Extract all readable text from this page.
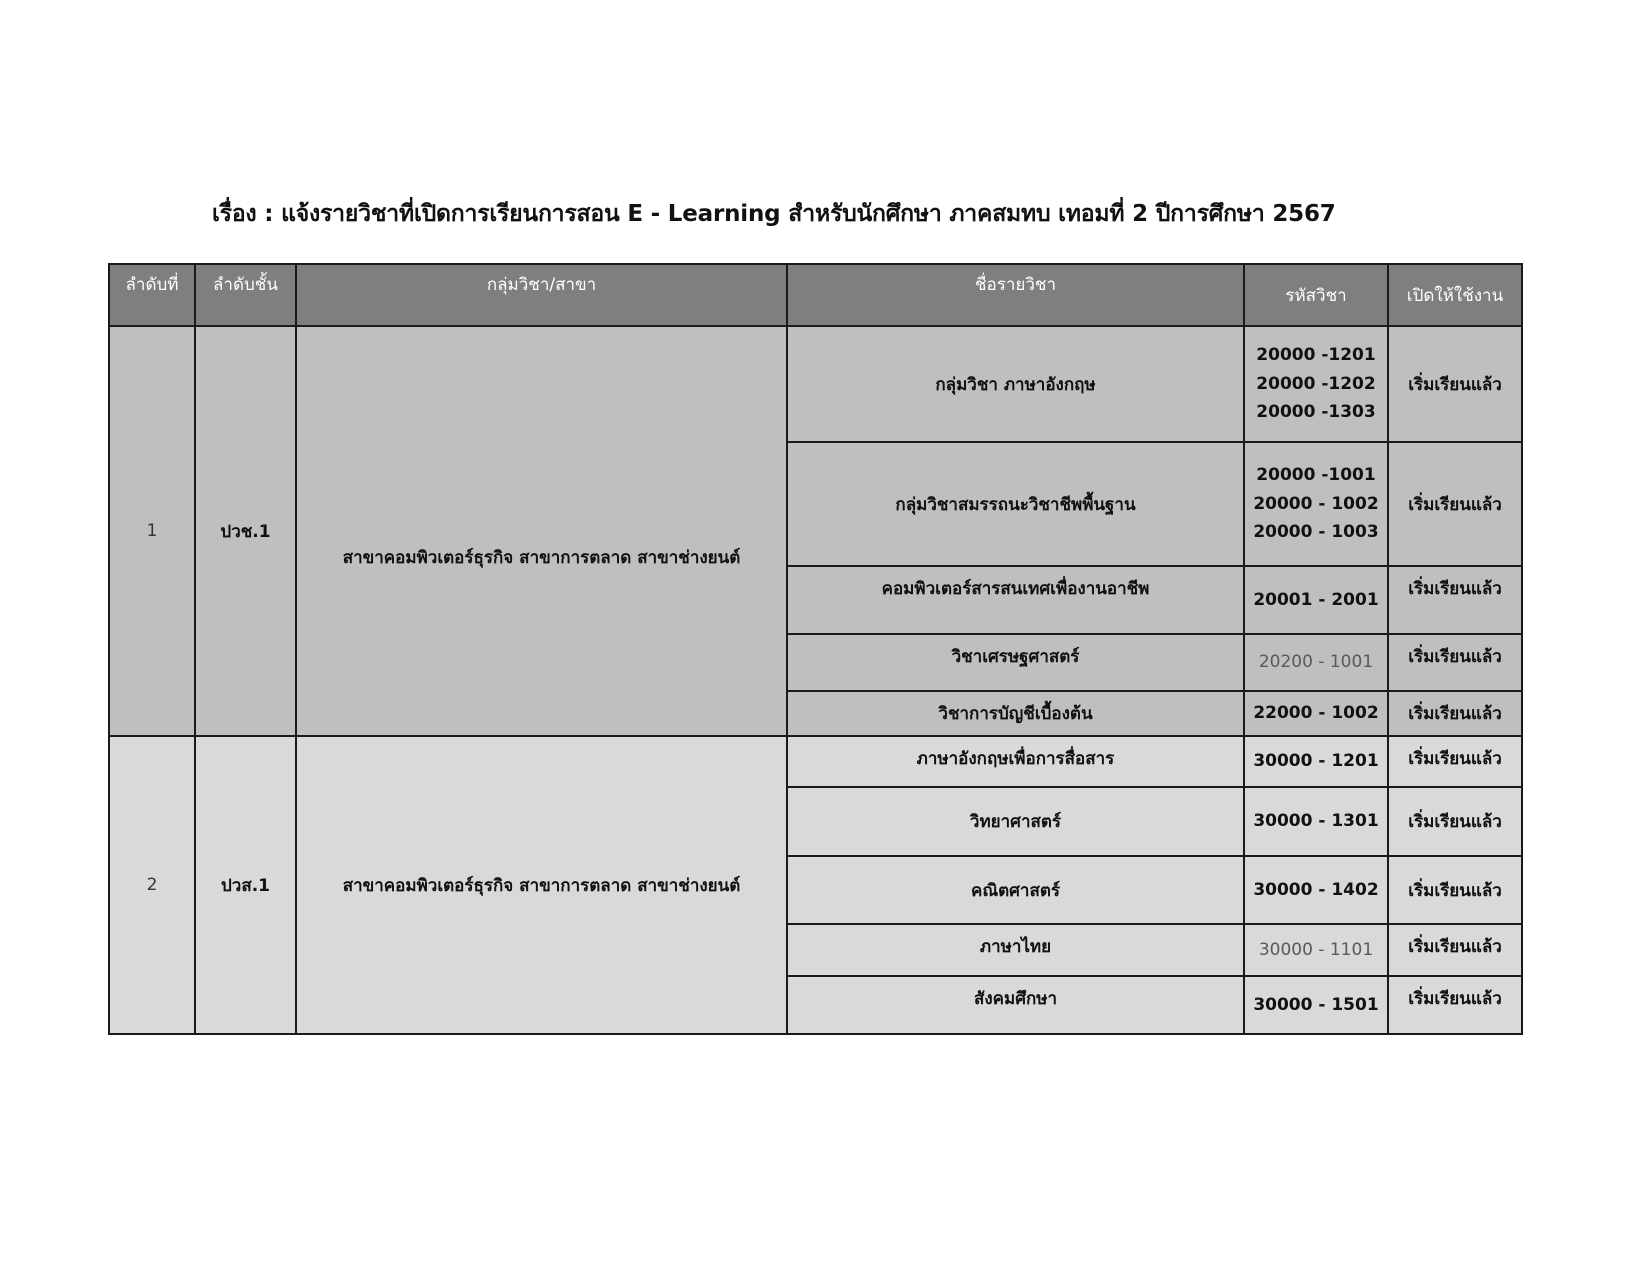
เรื่อง : แจ้งรายวิชาที่เปิดการเรียนการสอน E - Learning สำหรับนักศึกษา ภาคสมทบ เทอมที่ 2 ปีการศึกษา 2567
ลำดับที่	ลำดับชั้น	กลุ่มวิชา/สาขา	ชื่อรายวิชา	รหัสวิชา	เปิดให้ใช้งาน
1	ปวช.1	สาขาคอมพิวเตอร์ธุรกิจ สาขาการตลาด สาขาช่างยนต์	กลุ่มวิชา ภาษาอังกฤษ	20000 -1201
20000 -1202
20000 -1303	เริ่มเรียนแล้ว
			กลุ่มวิชาสมรรถนะวิชาชีพพื้นฐาน	20000 -1001
20000 - 1002
20000 - 1003	เริ่มเรียนแล้ว
			คอมพิวเตอร์สารสนเทศเพื่องานอาชีพ	20001 - 2001	เริ่มเรียนแล้ว
			วิชาเศรษฐศาสตร์	20200 - 1001	เริ่มเรียนแล้ว
			วิชาการบัญชีเบื้องต้น	22000 - 1002	เริ่มเรียนแล้ว
2	ปวส.1	สาขาคอมพิวเตอร์ธุรกิจ สาขาการตลาด สาขาช่างยนต์	ภาษาอังกฤษเพื่อการสื่อสาร	30000 - 1201	เริ่มเรียนแล้ว
			วิทยาศาสตร์	30000 - 1301	เริ่มเรียนแล้ว
			คณิตศาสตร์	30000 - 1402	เริ่มเรียนแล้ว
			ภาษาไทย	30000 - 1101	เริ่มเรียนแล้ว
			สังคมศึกษา	30000 - 1501	เริ่มเรียนแล้ว
